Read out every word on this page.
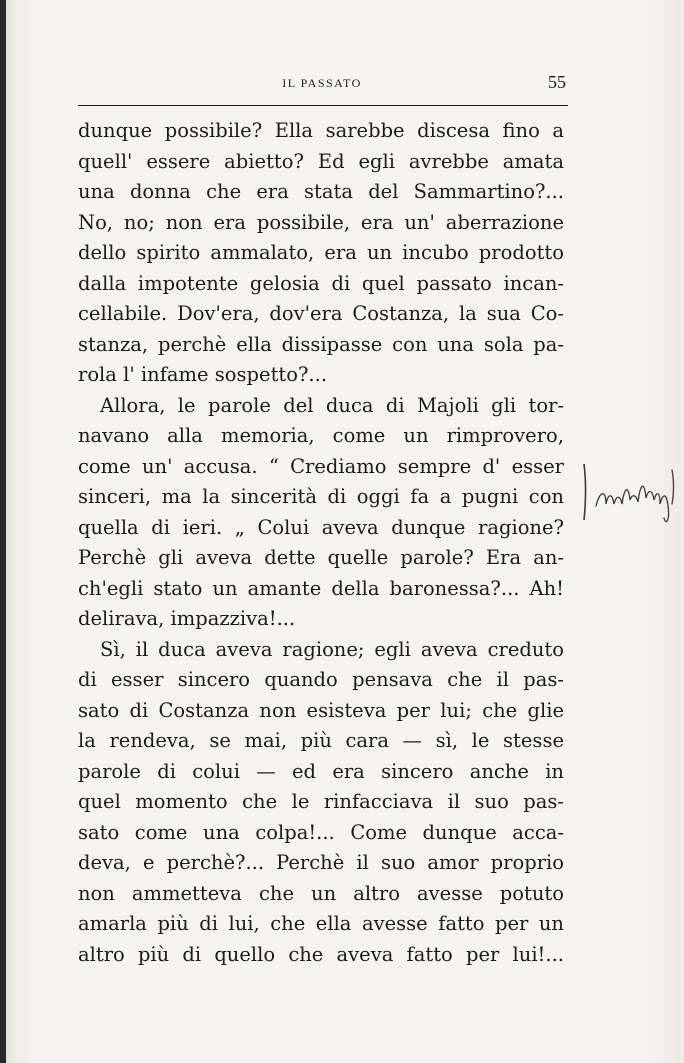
IL PASSATO	55
dunque possibile? Ella sarebbe discesa fino a
quell' essere abietto? Ed egli avrebbe amata
una donna che era stata del Sammartino?...
No, no; non era possibile, era un' aberrazione
dello spirito ammalato, era un incubo prodotto
dalla impotente gelosia di quel passato incan-
cellabile. Dov'era, dov'era Costanza, la sua Co-
stanza, perchè ella dissipasse con una sola pa-
rola l' infame sospetto?...
Allora, le parole del duca di Majoli gli tor-
navano alla memoria, come un rimprovero,
come un' accusa. “ Crediamo sempre d' esser
sinceri, ma la sincerità di oggi fa a pugni con
quella di ieri. „ Colui aveva dunque ragione?
Perchè gli aveva dette quelle parole? Era an-
ch'egli stato un amante della baronessa?... Ah!
delirava, impazziva!...
Sì, il duca aveva ragione; egli aveva creduto
di esser sincero quando pensava che il pas-
sato di Costanza non esisteva per lui; che glie
la rendeva, se mai, più cara — sì, le stesse
parole di colui — ed era sincero anche in
quel momento che le rinfacciava il suo pas-
sato come una colpa!... Come dunque acca-
deva, e perchè?... Perchè il suo amor proprio
non ammetteva che un altro avesse potuto
amarla più di lui, che ella avesse fatto per un
altro più di quello che aveva fatto per lui!...
